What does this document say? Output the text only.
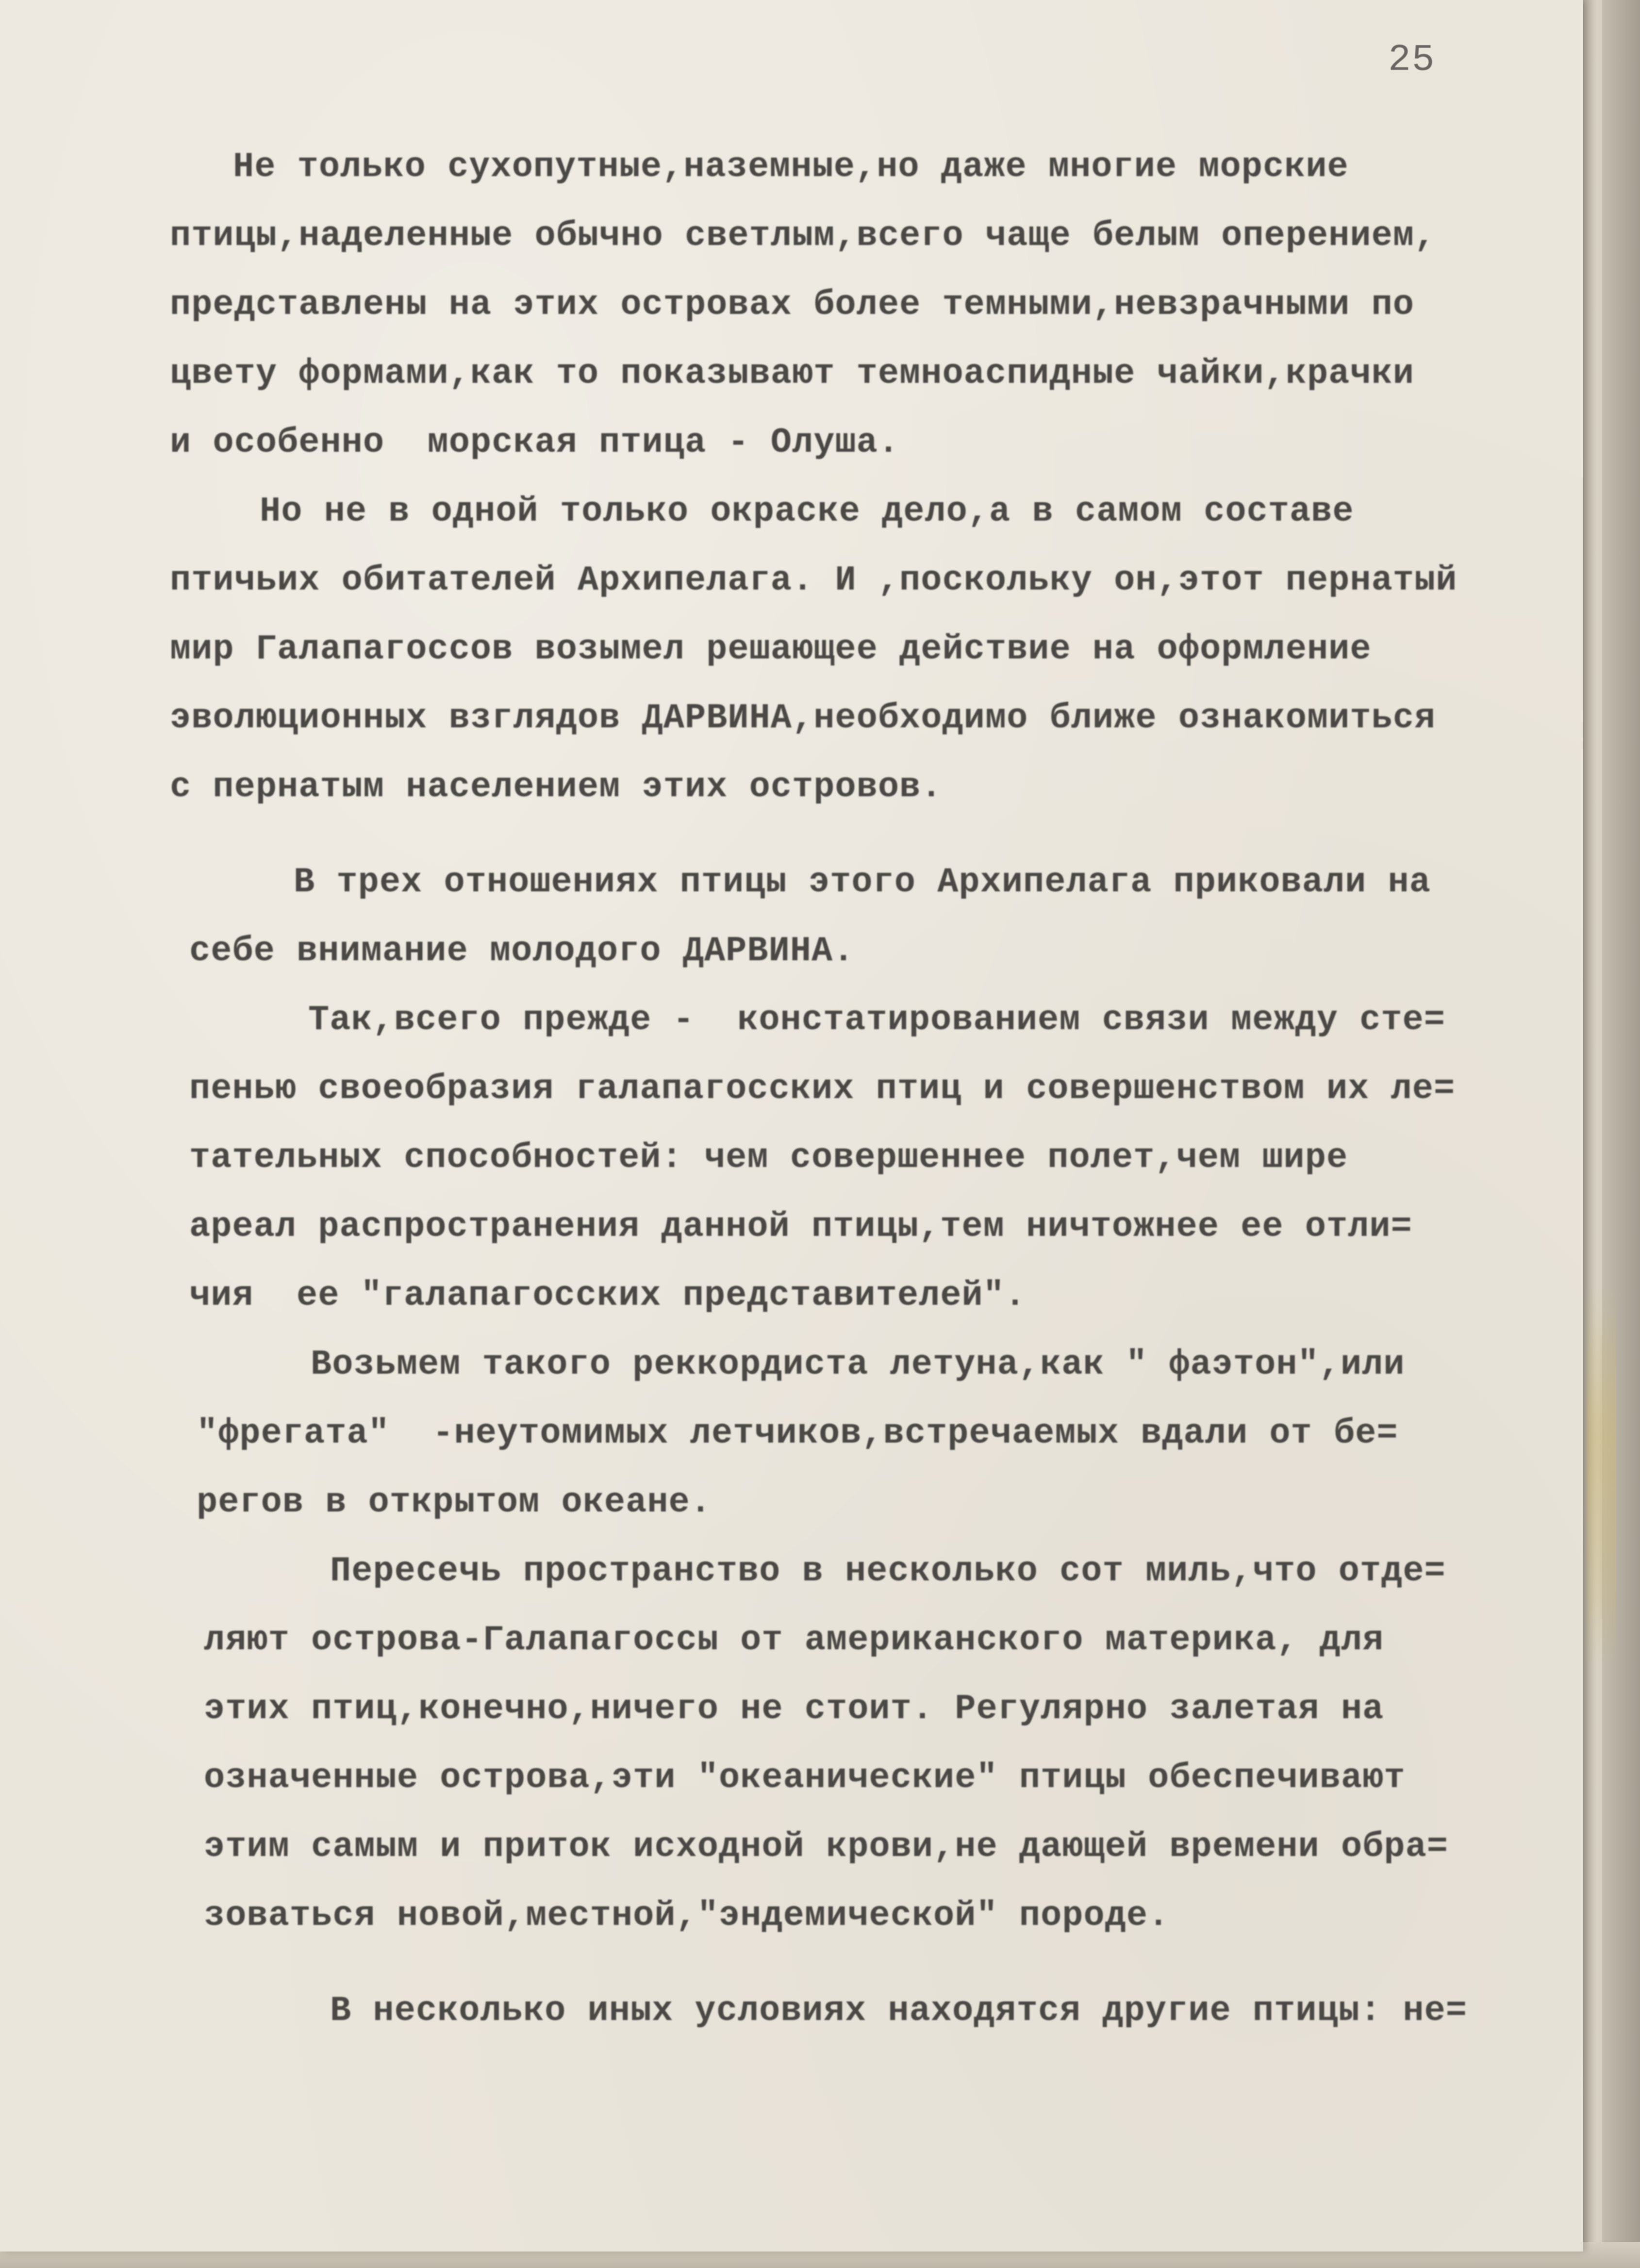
25
Не только сухопутные,наземные,но даже многие морские
птицы,наделенные обычно светлым,всего чаще белым оперением,
представлены на этих островах более темными,невзрачными по
цвету формами,как то показывают темноаспидные чайки,крачки
и особенно  морская птица - Олуша.
Но не в одной только окраске дело,а в самом составе
птичьих обитателей Архипелага. И ,поскольку он,этот пернатый
мир Галапагоссов возымел решающее действие на оформление
эволюционных взглядов ДАРВИНА,необходимо ближе ознакомиться
с пернатым населением этих островов.
В трех отношениях птицы этого Архипелага приковали на
себе внимание молодого ДАРВИНА.
Так,всего прежде -  констатированием связи между сте=
пенью своеобразия галапагосских птиц и совершенством их ле=
тательных способностей: чем совершеннее полет,чем шире
ареал распространения данной птицы,тем ничтожнее ее отли=
чия  ее "галапагосских представителей".
Возьмем такого реккордиста летуна,как " фаэтон",или
"фрегата"  -неутомимых летчиков,встречаемых вдали от бе=
регов в открытом океане.
Пересечь пространство в несколько сот миль,что отде=
ляют острова-Галапагоссы от американского материка, для
этих птиц,конечно,ничего не стоит. Регулярно залетая на
означенные острова,эти "океанические" птицы обеспечивают
этим самым и приток исходной крови,не дающей времени обра=
зоваться новой,местной,"эндемической" породе.
В несколько иных условиях находятся другие птицы: не=
